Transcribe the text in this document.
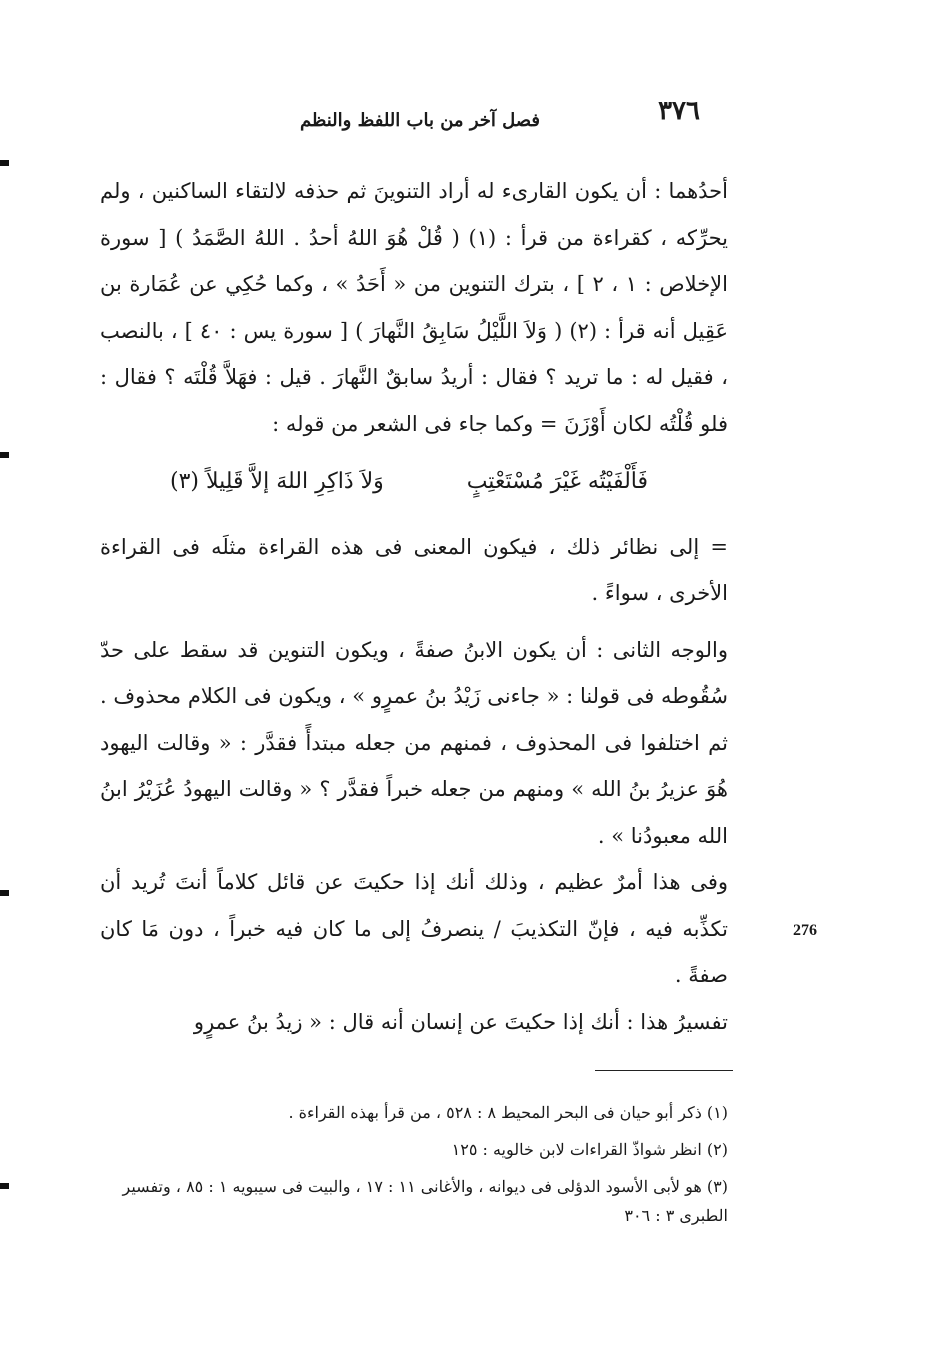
٣٧٦
فصل آخر من باب اللفظ والنظم

أحدُهما : أن يكون القارىء له أراد التنوينَ ثم حذفه لالتقاء الساكنين ، ولم يحرِّكه ، كقراءة من قرأ : (١) ( قُلْ هُوَ اللهُ أحدُ . اللهُ الصَّمَدُ ) [ سورة الإخلاص : ١ ، ٢ ] ، بترك التنوين من « أَحَدُ » ، وكما حُكِي عن عُمَارة بن عَقِيل أنه قرأ : (٢) ( وَلاَ اللَّيْلُ سَابِقُ النَّهارَ ) [ سورة يس : ٤٠ ] ، بالنصب ، فقيل له : ما تريد ؟ فقال : أريدُ سابقٌ النَّهارَ . قيل : فهَلاَّ قُلْتَه ؟ فقال : فلو قُلْتُه لكان أَوْزَنَ = وكما جاء فى الشعر من قوله :

فَأَلْفَيْتُه غَيْرَ مُسْتَعْتِبٍ
وَلاَ ذَاكِرِ اللهَ إلاَّ قَلِيلاً (٣)

= إلى نظائر ذلك ، فيكون المعنى فى هذه القراءة مثلَه فى القراءة الأخرى ، سواءً .

والوجه الثانى : أن يكون الابنُ صفةً ، ويكون التنوين قد سقط على حدّ سُقُوطه فى قولنا : « جاءنى زَيْدُ بنُ عمرٍو » ، ويكون فى الكلام محذوف . ثم اختلفوا فى المحذوف ، فمنهم من جعله مبتدأً فقدَّر : « وقالت اليهود هُوَ عزيرُ بنُ الله » ومنهم من جعله خبراً فقدَّر ؟ « وقالت اليهودُ عُزَيْرُ ابنُ الله معبودُنا » .

وفى هذا أمرٌ عظيم ، وذلك أنك إذا حكيتَ عن قائل كلاماً أنتَ تُريد أن تكذِّبه فيه ، فإنّ التكذيبَ / ينصرفُ إلى ما كان فيه خبراً ، دون مَا كان صفةً .

تفسيرُ هذا : أنك إذا حكيتَ عن إنسان أنه قال : « زيدُ بنُ عمرٍو

276

(١) ذكر أبو حيان فى البحر المحيط ٨ : ٥٢٨ ، من قرأ بهذه القراءة .

(٢) انظر شواذّ القراءات لابن خالويه : ١٢٥

(٣) هو لأبى الأسود الدؤلى فى ديوانه ، والأغانى ١١ : ١٧ ، والبيت فى سيبويه ١ : ٨٥ ، وتفسير الطبرى ٣ : ٣٠٦
